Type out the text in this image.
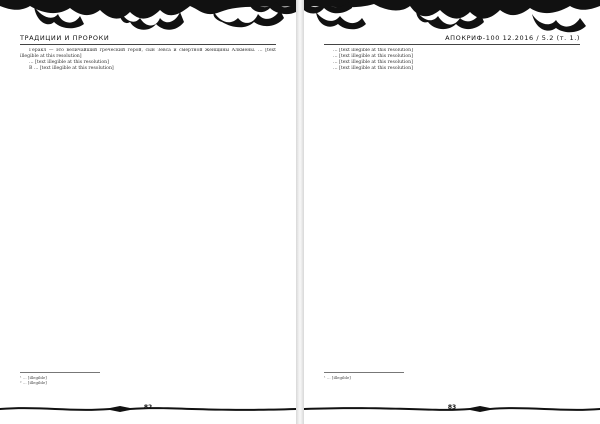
ТРАДИЦИИ И ПРОРОКИ

Геракл — это величайший греческий герой, сын Зевса и смертной женщины Алкмены. … [text illegible at this resolution]

… [text illegible at this resolution]

В … [text illegible at this resolution]

¹ … [illegible]

² … [illegible]

82
АПОКРИФ-100 12.2016 / 5.2 (т. 1.)

… [text illegible at this resolution]

… [text illegible at this resolution]

… [text illegible at this resolution]

… [text illegible at this resolution]

¹ … [illegible]

83
